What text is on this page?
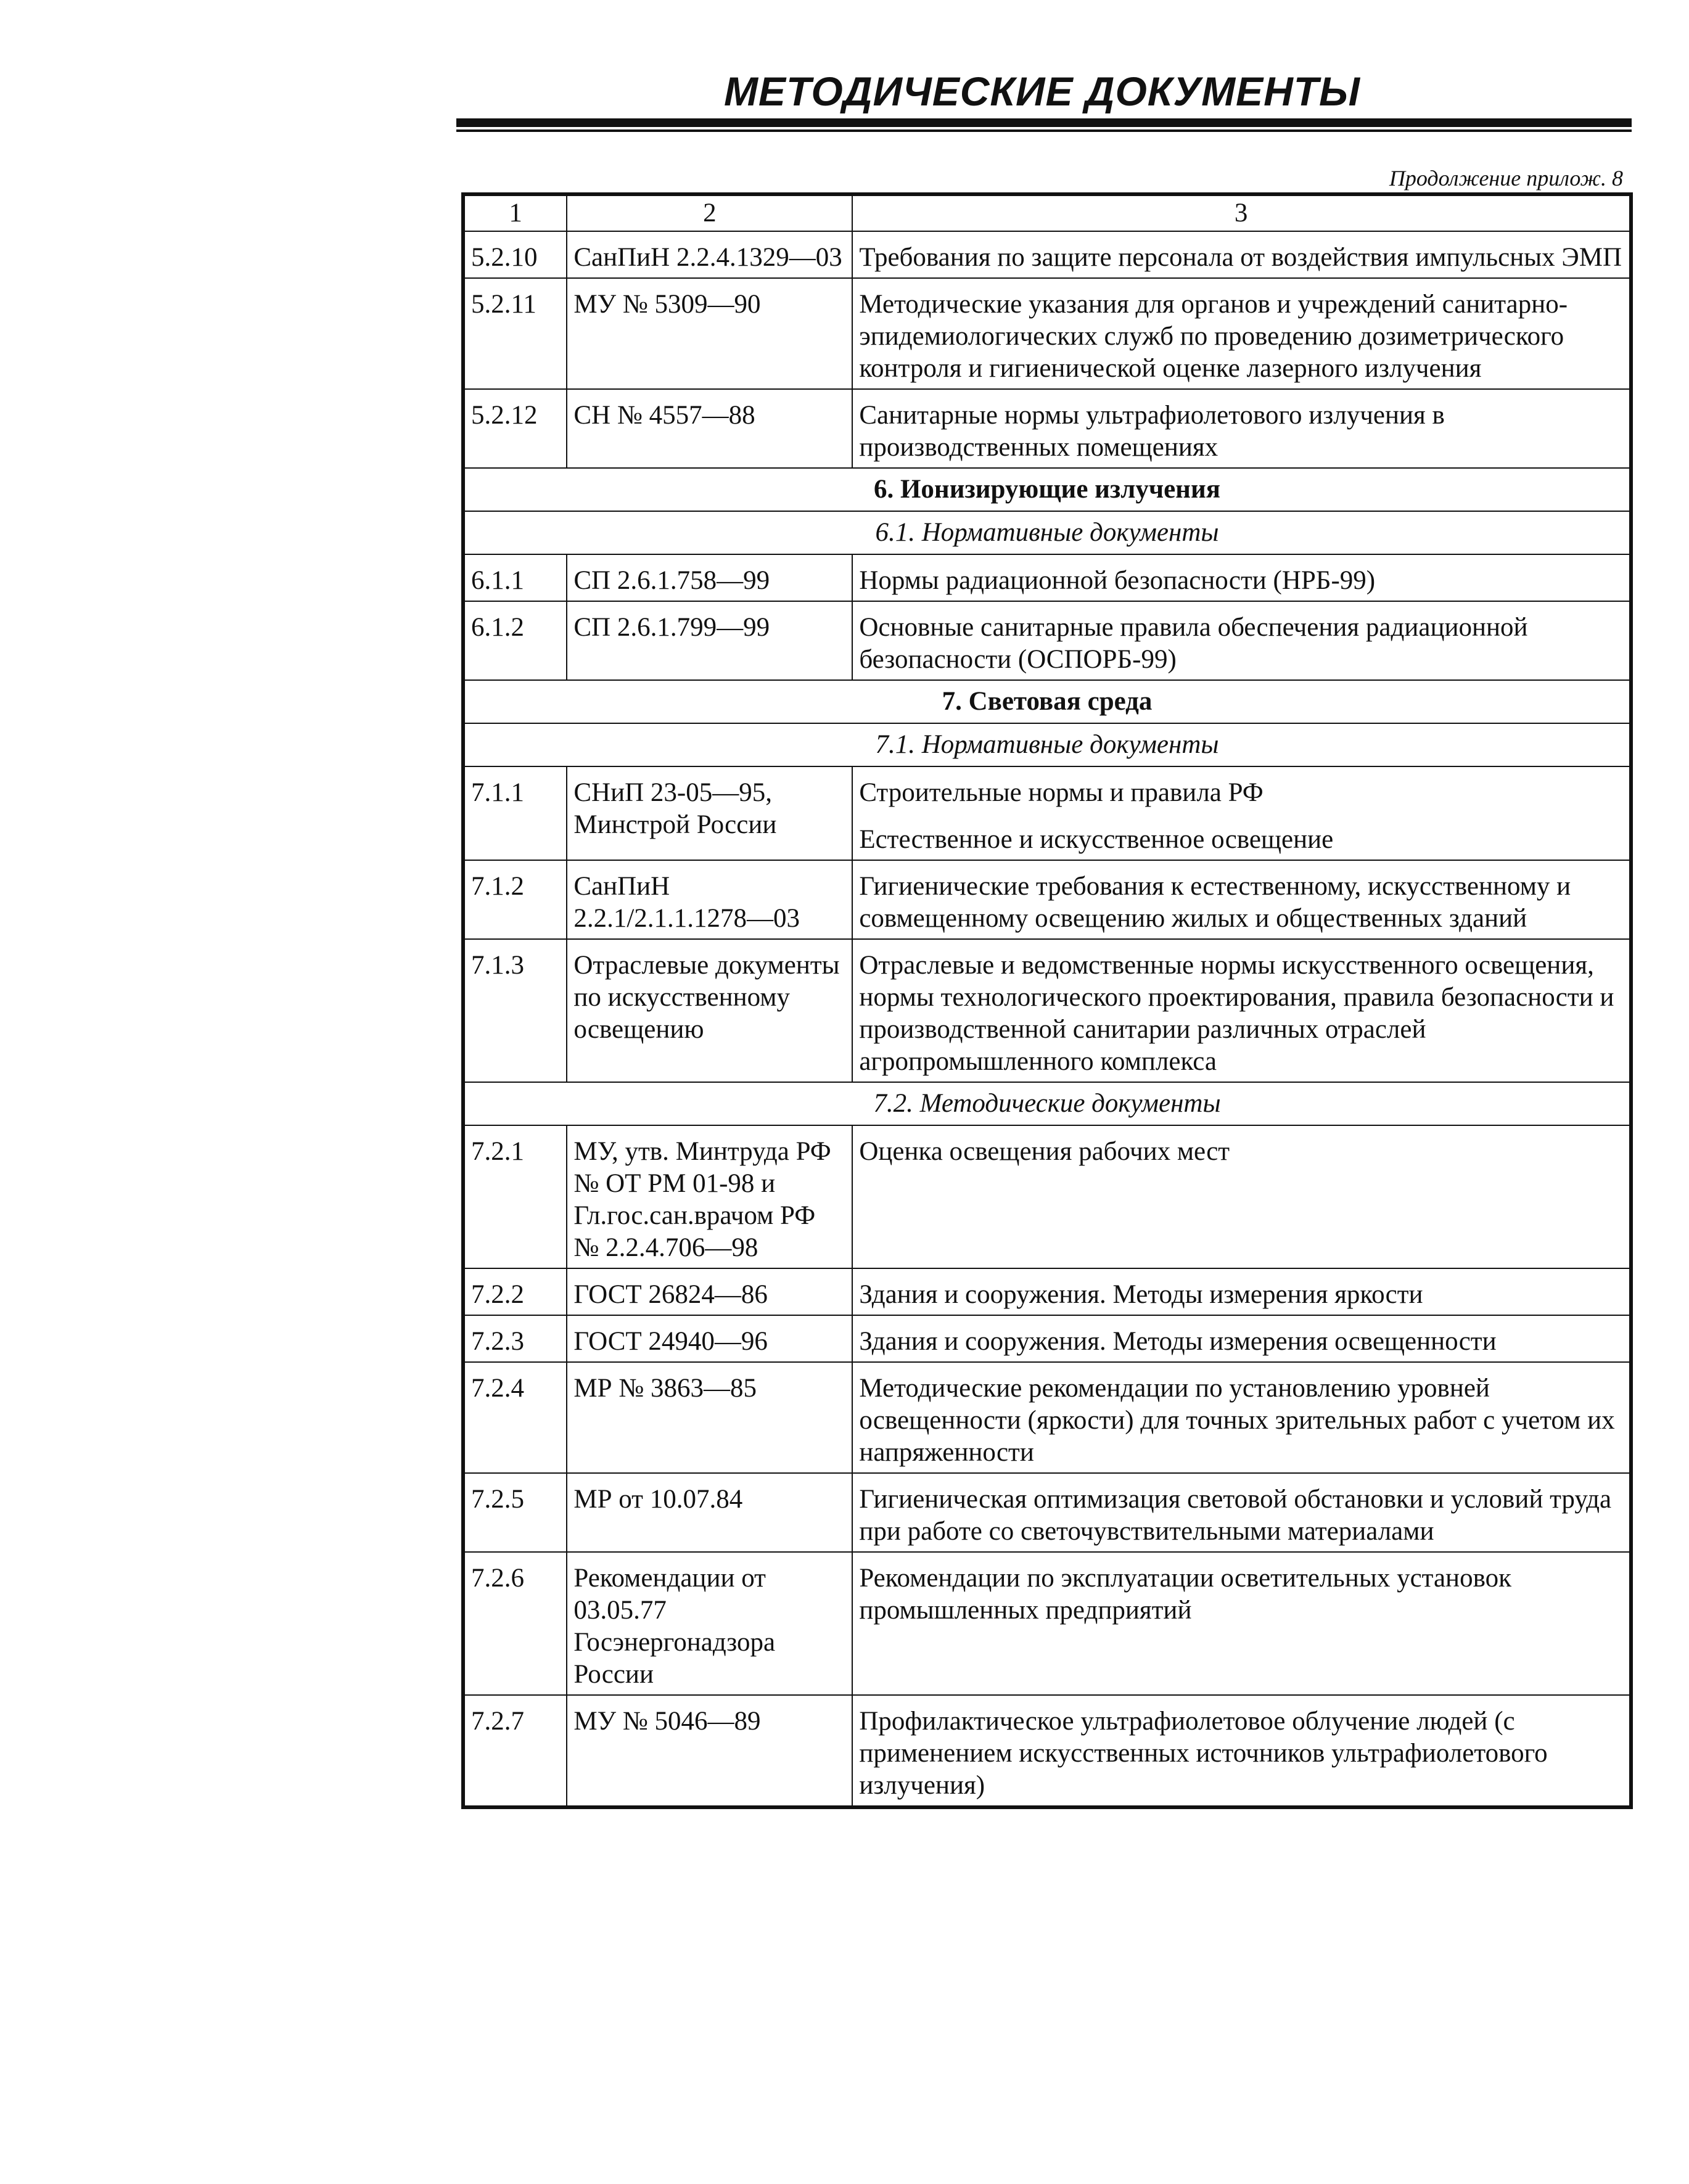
МЕТОДИЧЕСКИЕ ДОКУМЕНТЫ
Продолжение прилож. 8
1	2	3
5.2.10	СанПиН 2.2.4.1329—03	Требования по защите персонала от воздействия импульсных ЭМП
5.2.11	МУ № 5309—90	Методические указания для органов и учреждений санитарно-эпидемиологических служб по проведению дозиметрического контроля и гигиенической оценке лазерного излучения
5.2.12	СН № 4557—88	Санитарные нормы ультрафиолетового излучения в производственных помещениях
6. Ионизирующие излучения		
6.1. Нормативные документы		
6.1.1	СП 2.6.1.758—99	Нормы радиационной безопасности (НРБ-99)
6.1.2	СП 2.6.1.799—99	Основные санитарные правила обеспечения радиационной безопасности (ОСПОРБ-99)
7. Световая среда		
7.1. Нормативные документы		
7.1.1	СНиП 23-05—95, Минстрой России	Строительные нормы и правила РФ
Естественное и искусственное освещение

7.1.2	СанПиН 2.2.1/2.1.1.1278—03	Гигиенические требования к естественному, искусственному и совмещенному освещению жилых и общественных зданий
7.1.3	Отраслевые документы по искусственному освещению	Отраслевые и ведомственные нормы искусственного освещения, нормы технологического проектирования, правила безопасности и производственной санитарии различных отраслей агропромышленного комплекса
7.2. Методические документы		
7.2.1	МУ, утв. Минтруда РФ № ОТ РМ 01-98 и Гл.гос.сан.врачом РФ № 2.2.4.706—98	Оценка освещения рабочих мест
7.2.2	ГОСТ 26824—86	Здания и сооружения. Методы измерения яркости
7.2.3	ГОСТ 24940—96	Здания и сооружения. Методы измерения освещенности
7.2.4	МР № 3863—85	Методические рекомендации по установлению уровней освещенности (яркости) для точных зрительных работ с учетом их напряженности
7.2.5	МР от 10.07.84	Гигиеническая оптимизация световой обстановки и условий труда при работе со светочувствительными материалами
7.2.6	Рекомендации от 03.05.77 Госэнергонадзора России	Рекомендации по эксплуатации осветительных установок промышленных предприятий
7.2.7	МУ № 5046—89	Профилактическое ультрафиолетовое облучение людей (с применением искусственных источников ультрафиолетового излучения)
